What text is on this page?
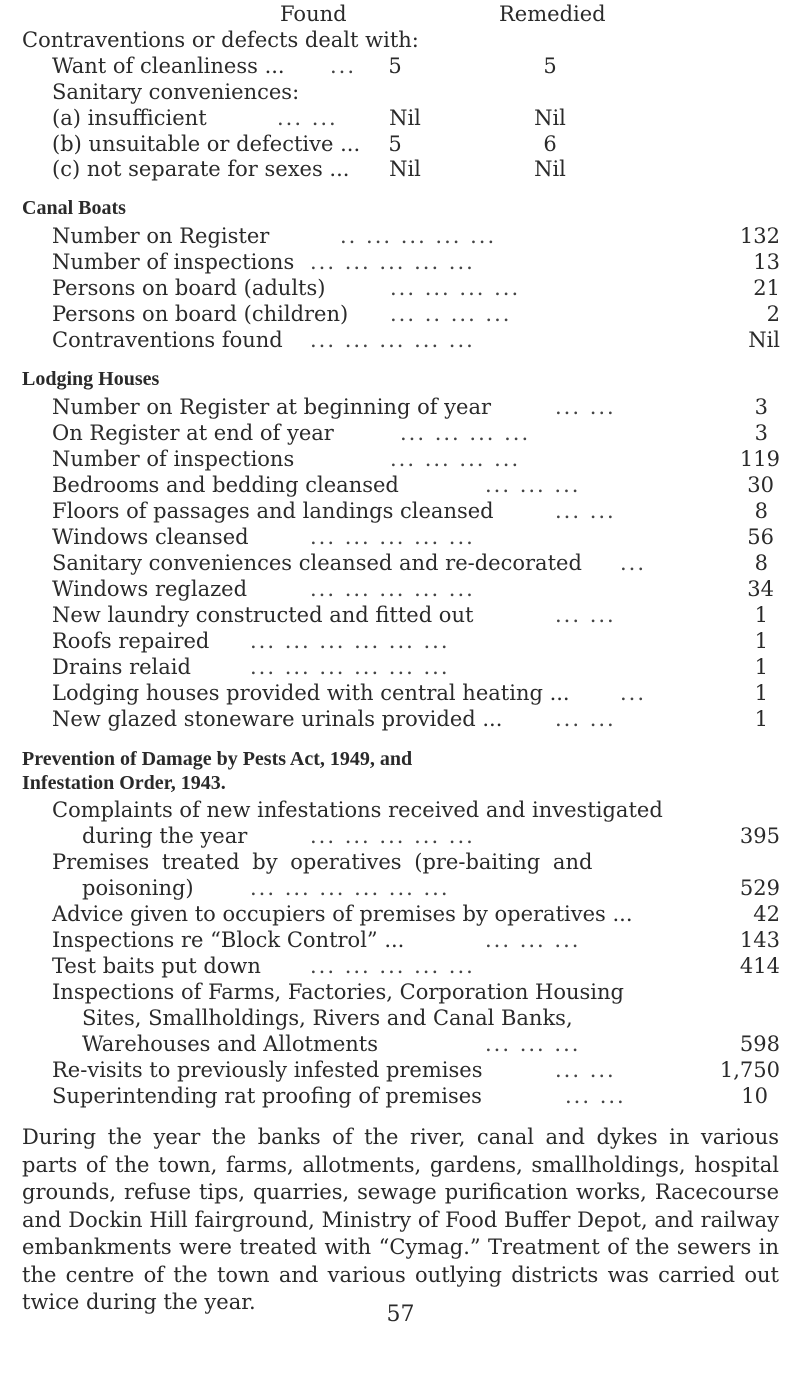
Found	Remedied
Contraventions or defects dealt with:
Want of cleanliness ... ...	5	5
Sanitary conveniences:
(a) insufficient	... ...	Nil	Nil
(b) unsuitable or defective ...	5	6
(c) not separate for sexes ...	Nil	Nil
Canal Boats
Number on Register	.. ... ... ... ...	132
Number of inspections ... ... ... ... ...	13
Persons on board (adults)	... ... ... ...	21
Persons on board (children) ... .. ... ...	2
Contraventions found ... ... ... ... ...	Nil
Lodging Houses
Number on Register at beginning of year	... ...	3
On Register at end of year	... ... ... ...	3
Number of inspections	... ... ... ...	119
Bedrooms and bedding cleansed	... ... ...	30
Floors of passages and landings cleansed	... ...	8
Windows cleansed	... ... ... ... ...	56
Sanitary conveniences cleansed and re-decorated ...	8
Windows reglazed	... ... ... ... ...	34
New laundry constructed and fitted out	... ...	1
Roofs repaired ... ... ... ... ... ...	1
Drains relaid	... ... ... ... ... ...	1
Lodging houses provided with central heating ... ...	1
New glazed stoneware urinals provided ...	... ...	1
Prevention of Damage by Pests Act, 1949, and
Infestation Order, 1943.
Complaints of new infestations received and investigated
during the year	... ... ... ... ...	395
Premises treated by operatives (pre-baiting and
poisoning)	... ... ... ... ... ...	529
Advice given to occupiers of premises by operatives ...	42
Inspections re “Block Control” ...	... ... ...	143
Test baits put down ... ... ... ... ...	414
Inspections of Farms, Factories, Corporation Housing
Sites, Smallholdings, Rivers and Canal Banks,
Warehouses and Allotments	... ... ...	598
Re-visits to previously infested premises	... ...	1,750
Superintending rat proofing of premises	... ...	10
During the year the banks of the river, canal and dykes in various parts of the town, farms, allotments, gardens, smallholdings, hospital grounds, refuse tips, quarries, sewage purification works, Racecourse and Dockin Hill fairground, Ministry of Food Buffer Depot, and railway embankments were treated with “Cymag.” Treatment of the sewers in the centre of the town and various outlying districts was carried out twice during the year.	57
